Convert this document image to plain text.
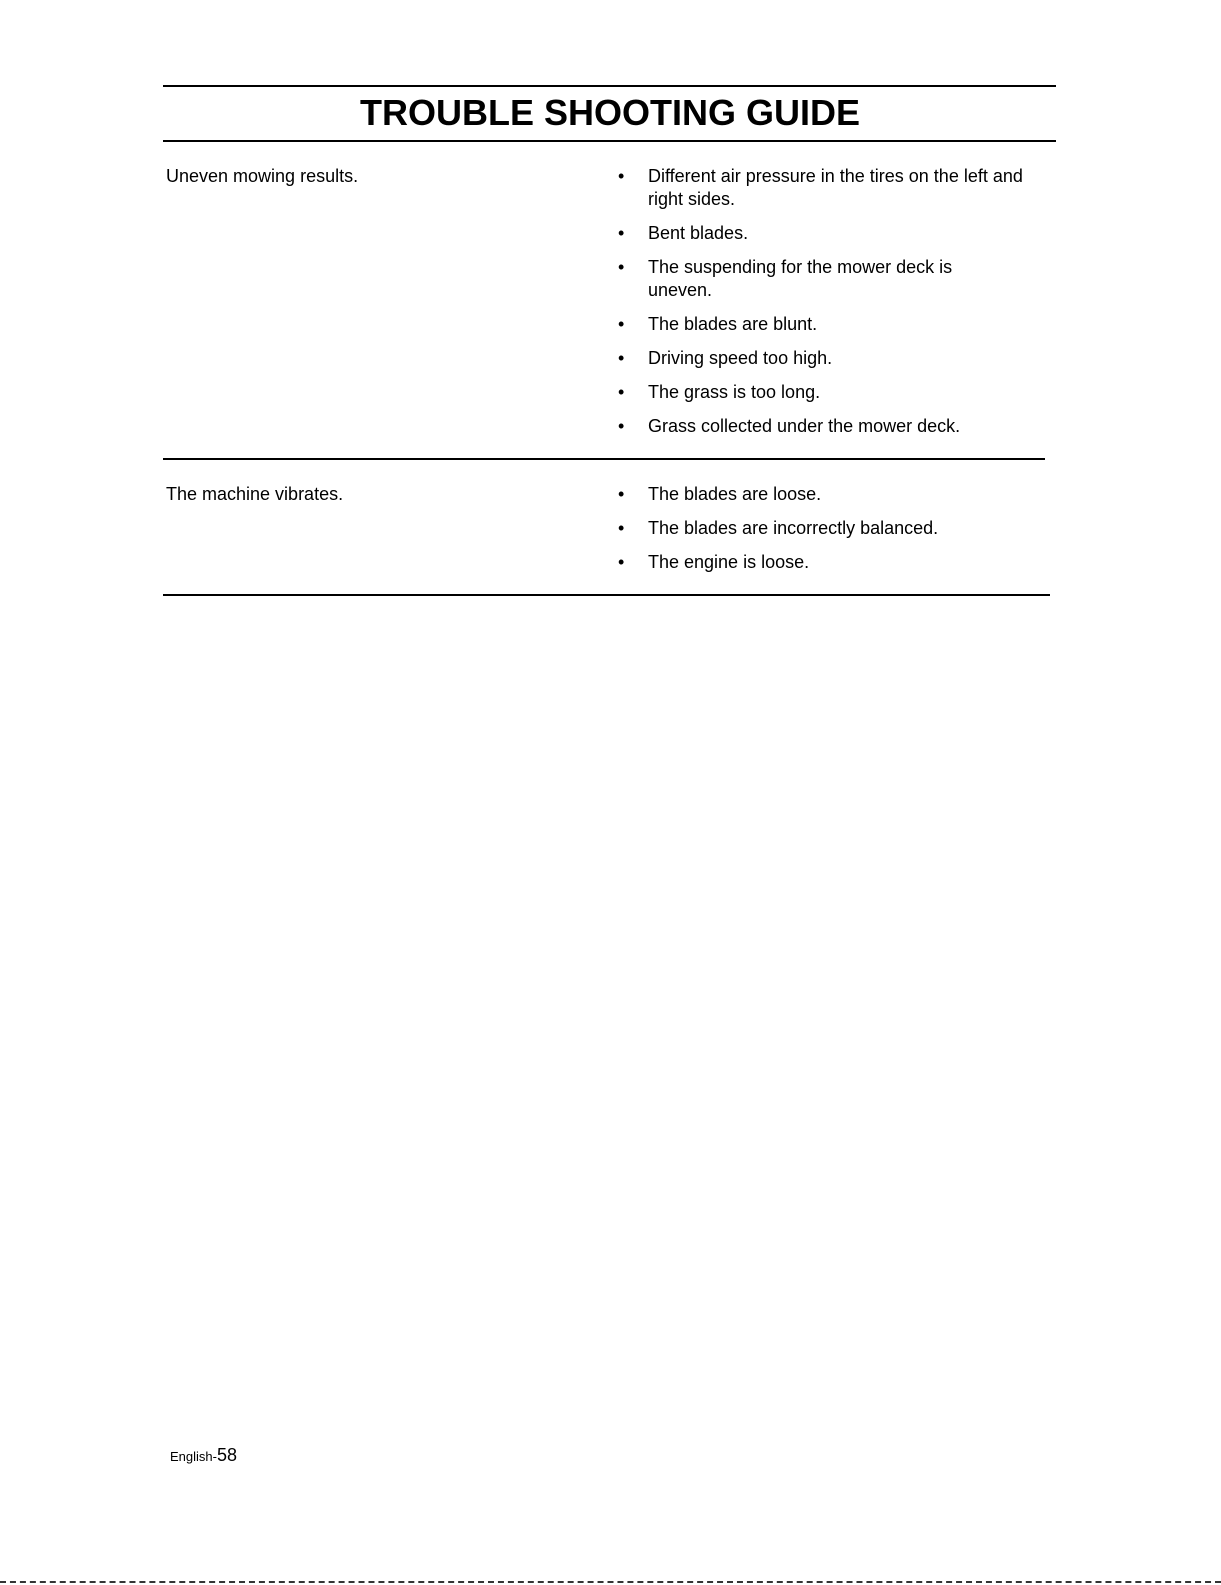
TROUBLE SHOOTING GUIDE
Uneven mowing results.	•	Different air pressure in the tires on the left and right sides.
•	Bent blades.
•	The suspending for the mower deck is uneven.
•	The blades are blunt.
•	Driving speed too high.
•	The grass is too long.
•	Grass collected under the mower deck.
The machine vibrates.	•	The blades are loose.
•	The blades are incorrectly balanced.
•	The engine is loose.
English-58
